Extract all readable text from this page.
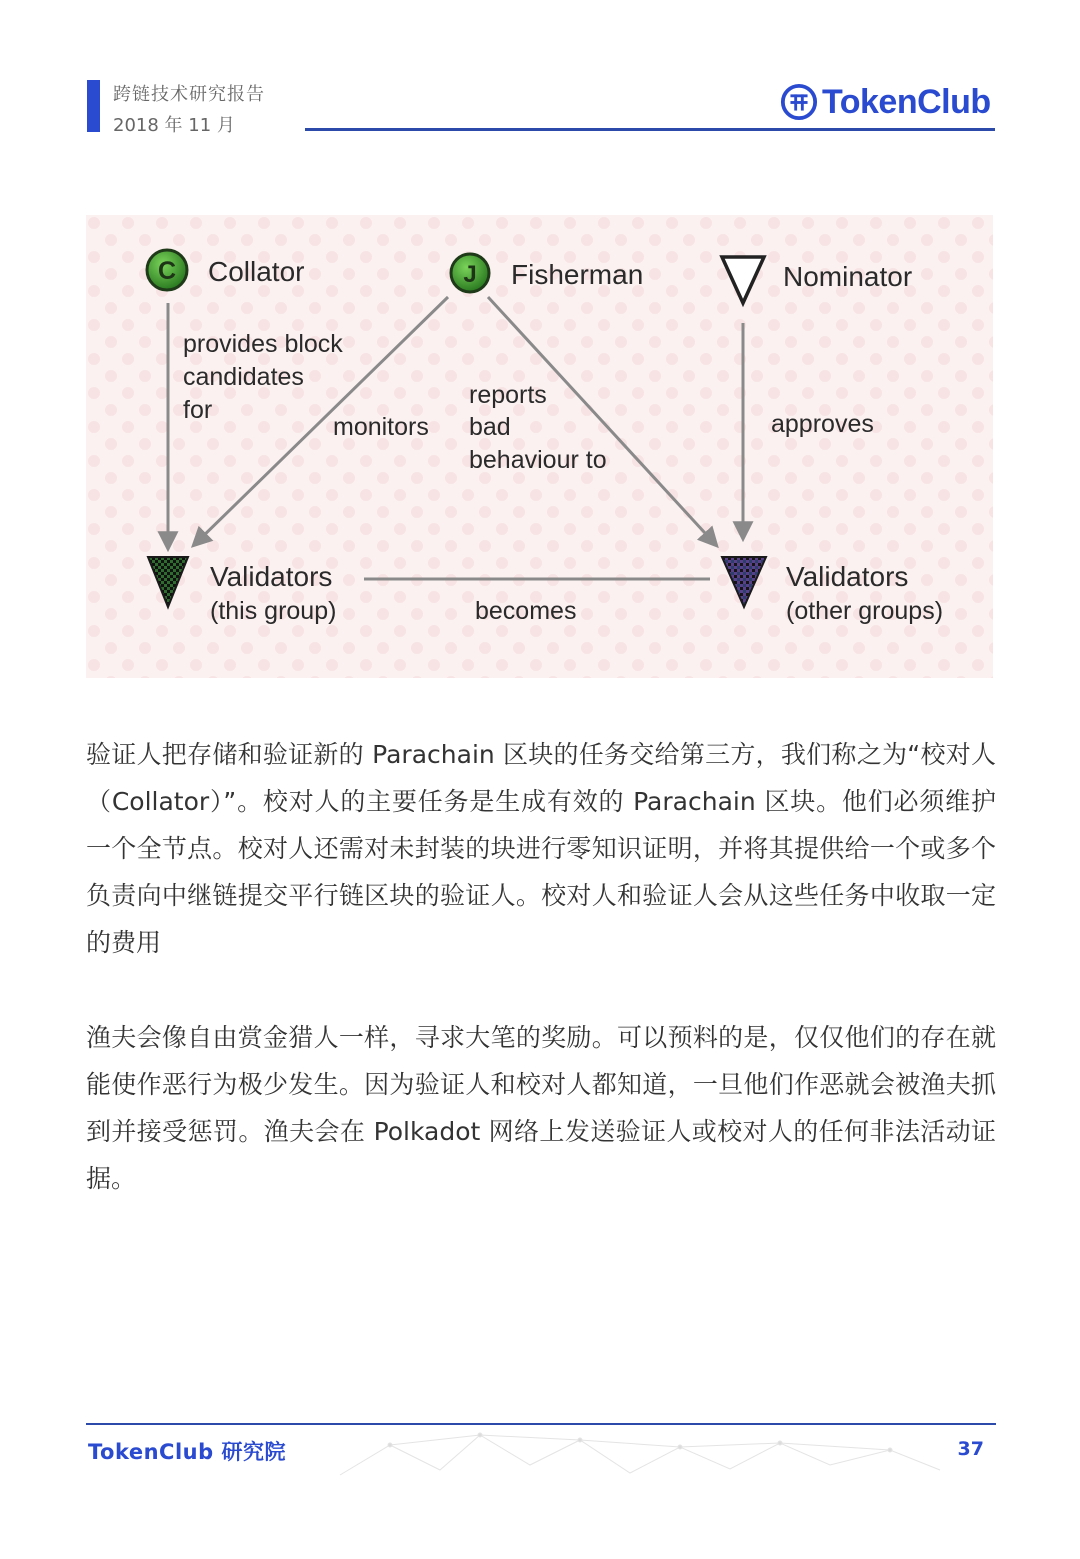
跨链技术研究报告
2018 年 11 月
TokenClub
C	J
Collator	Fisherman	Nominator
Validators
(this group)
Validators
(other groups)
provides block
candidates
for
monitors
reports
bad
behaviour to
approves
becomes

验证人把存储和验证新的 Parachain 区块的任务交给第三方，我们称之为“校对人（Collator）”。校对人的主要任务是生成有效的 Parachain 区块。他们必须维护一个全节点。校对人还需对未封装的块进行零知识证明，并将其提供给一个或多个负责向中继链提交平行链区块的验证人。校对人和验证人会从这些任务中收取一定的费用

渔夫会像自由赏金猎人一样，寻求大笔的奖励。可以预料的是，仅仅他们的存在就能使作恶行为极少发生。因为验证人和校对人都知道，一旦他们作恶就会被渔夫抓到并接受惩罚。渔夫会在 Polkadot 网络上发送验证人或校对人的任何非法活动证据。

TokenClub 研究院	37
